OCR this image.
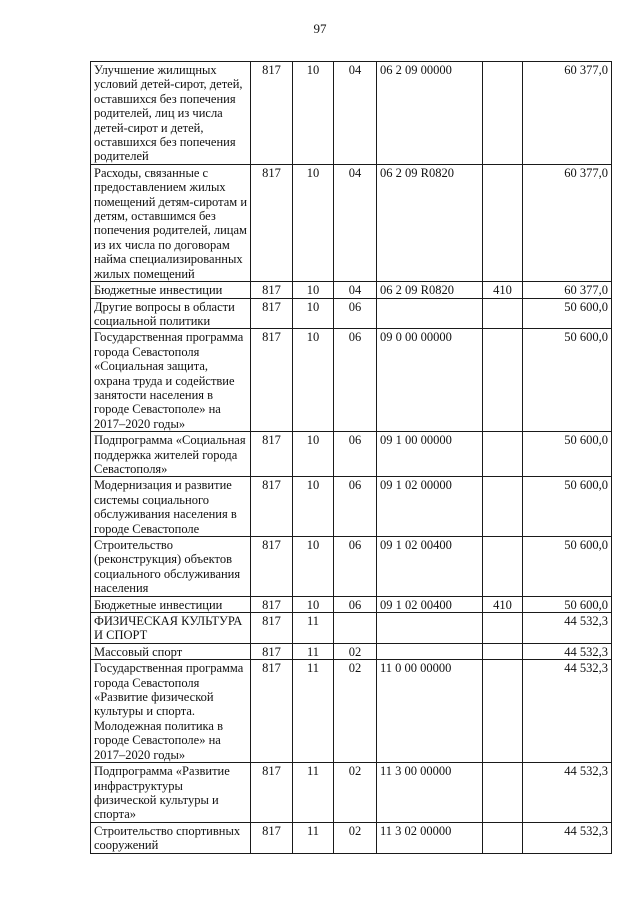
97
Улучшение жилищных условий детей-сирот, детей, оставшихся без попечения родителей, лиц из числа детей-сирот и детей, оставшихся без попечения родителей	817	10	04	06 2 09 00000		60 377,0
Расходы, связанные с предоставлением жилых помещений детям-сиротам и детям, оставшимся без попечения родителей, лицам из их числа по договорам найма специализированных жилых помещений	817	10	04	06 2 09 R0820		60 377,0
Бюджетные инвестиции	817	10	04	06 2 09 R0820	410	60 377,0
Другие вопросы в области социальной политики	817	10	06			50 600,0
Государственная программа города Севастополя «Социальная защита, охрана труда и содействие занятости населения в городе Севастополе» на 2017–2020 годы»	817	10	06	09 0 00 00000		50 600,0
Подпрограмма «Социальная поддержка жителей города Севастополя»	817	10	06	09 1 00 00000		50 600,0
Модернизация и развитие системы социального обслуживания населения в городе Севастополе	817	10	06	09 1 02 00000		50 600,0
Строительство (реконструкция) объектов социального обслуживания населения	817	10	06	09 1 02 00400		50 600,0
Бюджетные инвестиции	817	10	06	09 1 02 00400	410	50 600,0
ФИЗИЧЕСКАЯ КУЛЬТУРА И СПОРТ	817	11				44 532,3
Массовый спорт	817	11	02			44 532,3
Государственная программа города Севастополя «Развитие физической культуры и спорта. Молодежная политика в городе Севастополе» на 2017–2020 годы»	817	11	02	11 0 00 00000		44 532,3
Подпрограмма «Развитие инфраструктуры физической культуры и спорта»	817	11	02	11 3 00 00000		44 532,3
Строительство спортивных сооружений	817	11	02	11 3 02 00000		44 532,3
